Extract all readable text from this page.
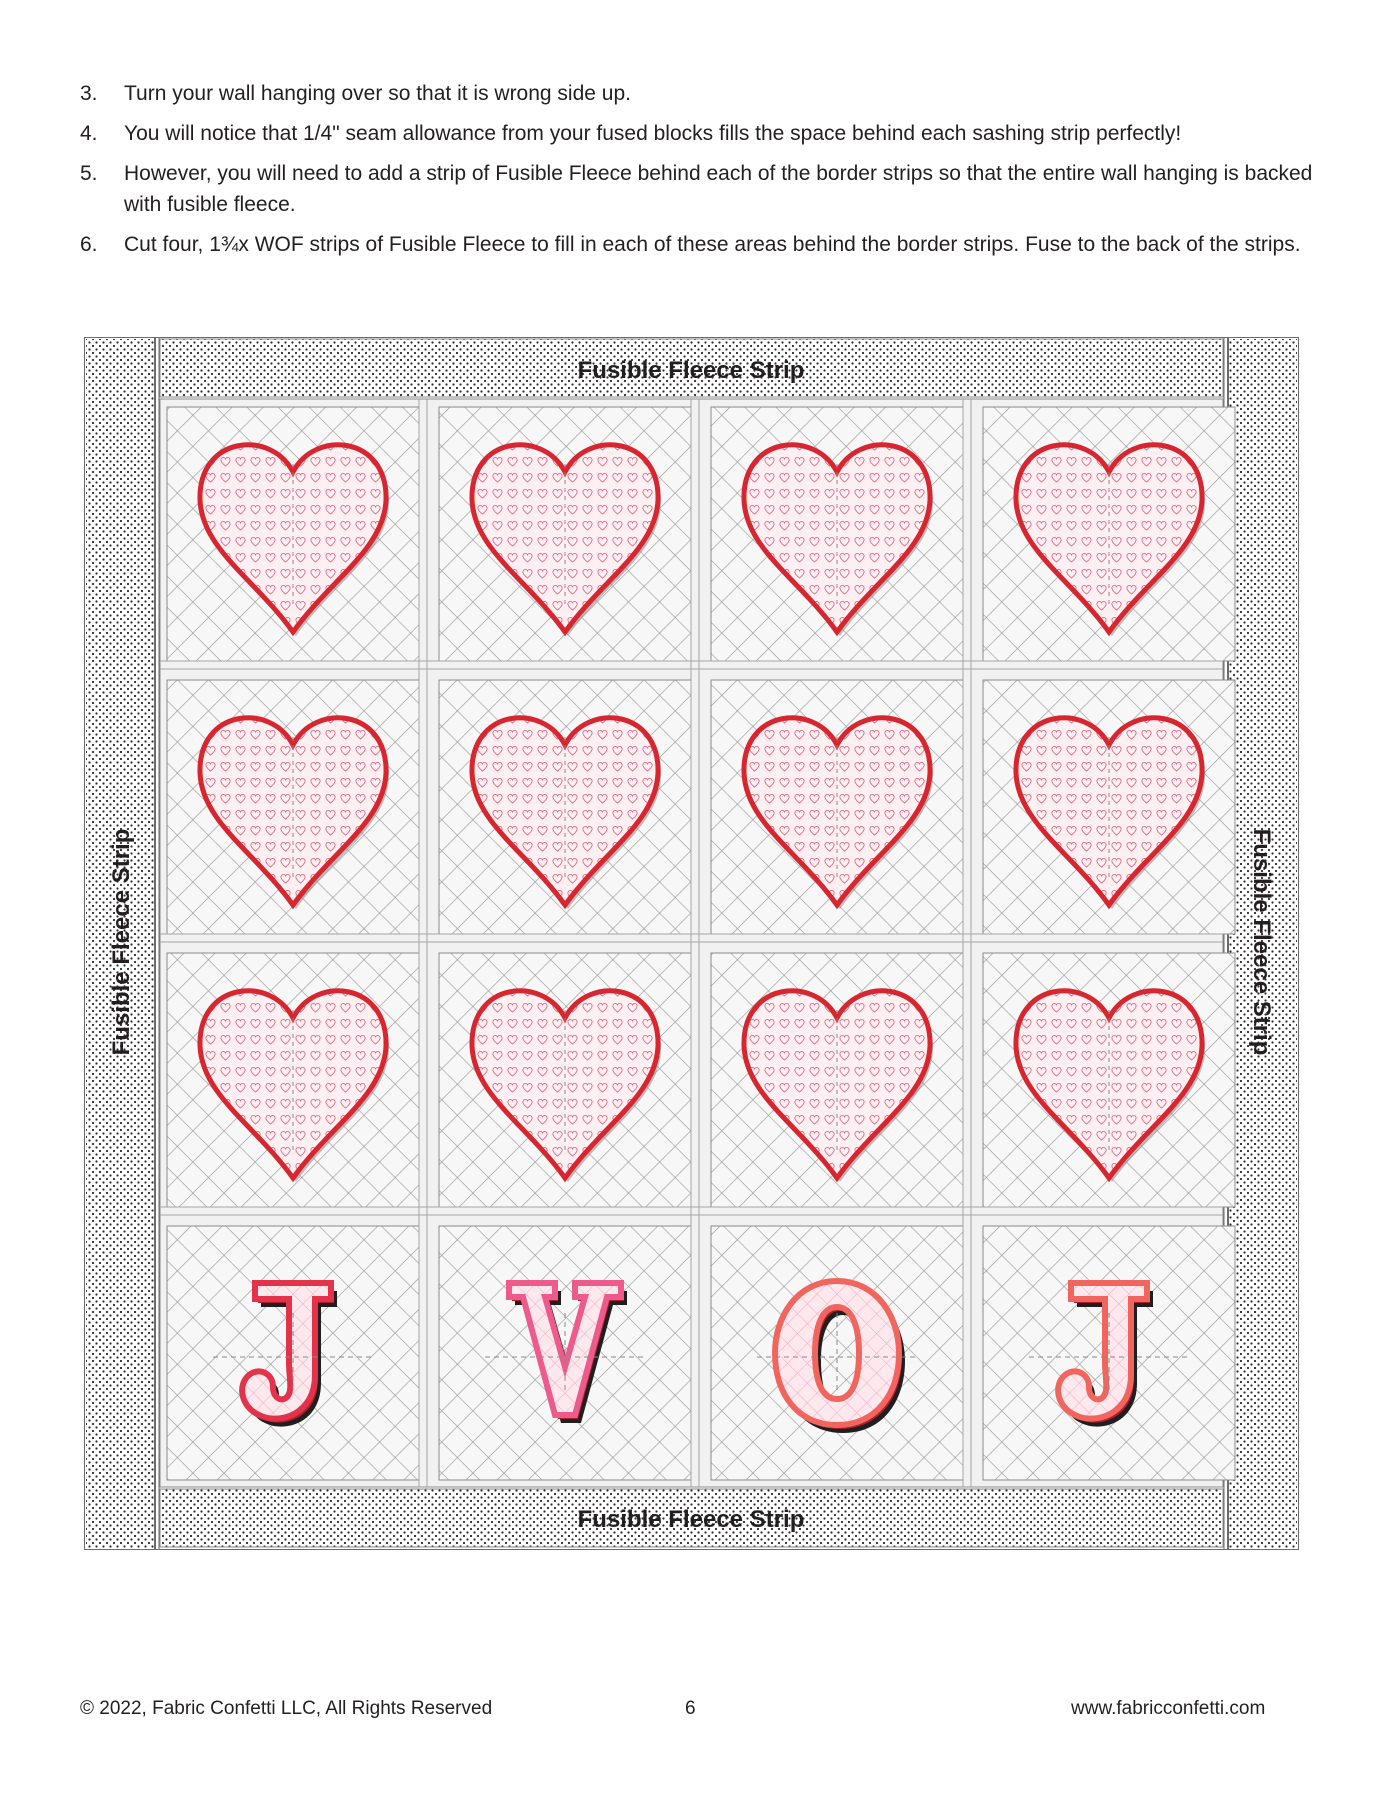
3.	Turn your wall hanging over so that it is wrong side up.
4.	You will notice that 1/4" seam allowance from your fused blocks fills the space behind each sashing strip perfectly!
5.	However, you will need to add a strip of Fusible Fleece behind each of the border strips so that the entire wall hanging is backed with fusible fleece.
6.	Cut four, 1¾x WOF strips of Fusible Fleece to fill in each of these areas behind the border strips. Fuse to the back of the strips.
Fusible Fleece Strip
Fusible Fleece Strip
Fusible Fleece Strip	Fusible Fleece Strip
© 2022, Fabric Confetti LLC, All Rights Reserved	6	www.fabricconfetti.com
